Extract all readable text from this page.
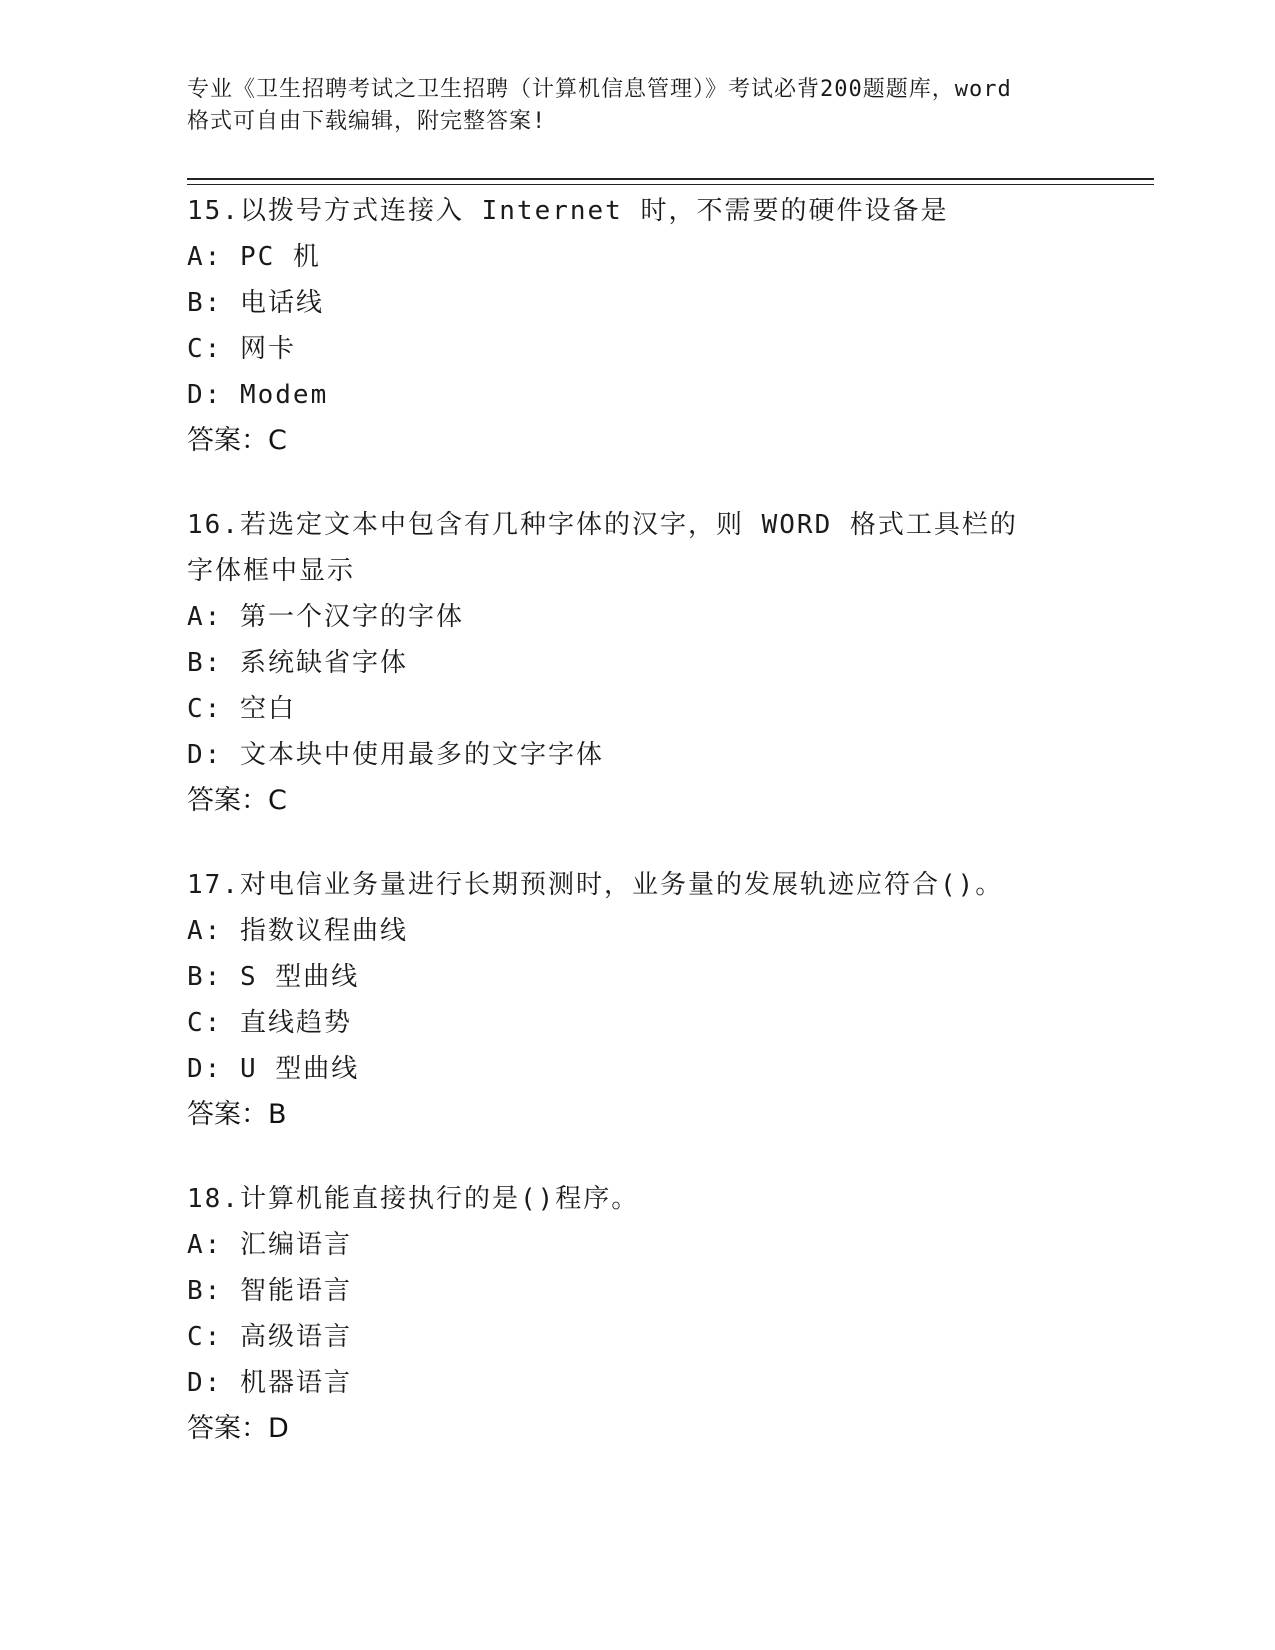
专业《卫生招聘考试之卫生招聘（计算机信息管理）》考试必背200题题库，word
格式可自由下载编辑，附完整答案!

15.以拨号方式连接入 Internet 时，不需要的硬件设备是

A: PC 机

B: 电话线

C: 网卡

D: Modem

答案：C

16.若选定文本中包含有几种字体的汉字，则 WORD 格式工具栏的字体框中显示

A: 第一个汉字的字体

B: 系统缺省字体

C: 空白

D: 文本块中使用最多的文字字体

答案：C

17.对电信业务量进行长期预测时，业务量的发展轨迹应符合()。

A: 指数议程曲线

B: S 型曲线

C: 直线趋势

D: U 型曲线

答案：B

18.计算机能直接执行的是()程序。

A: 汇编语言

B: 智能语言

C: 高级语言

D: 机器语言

答案：D
